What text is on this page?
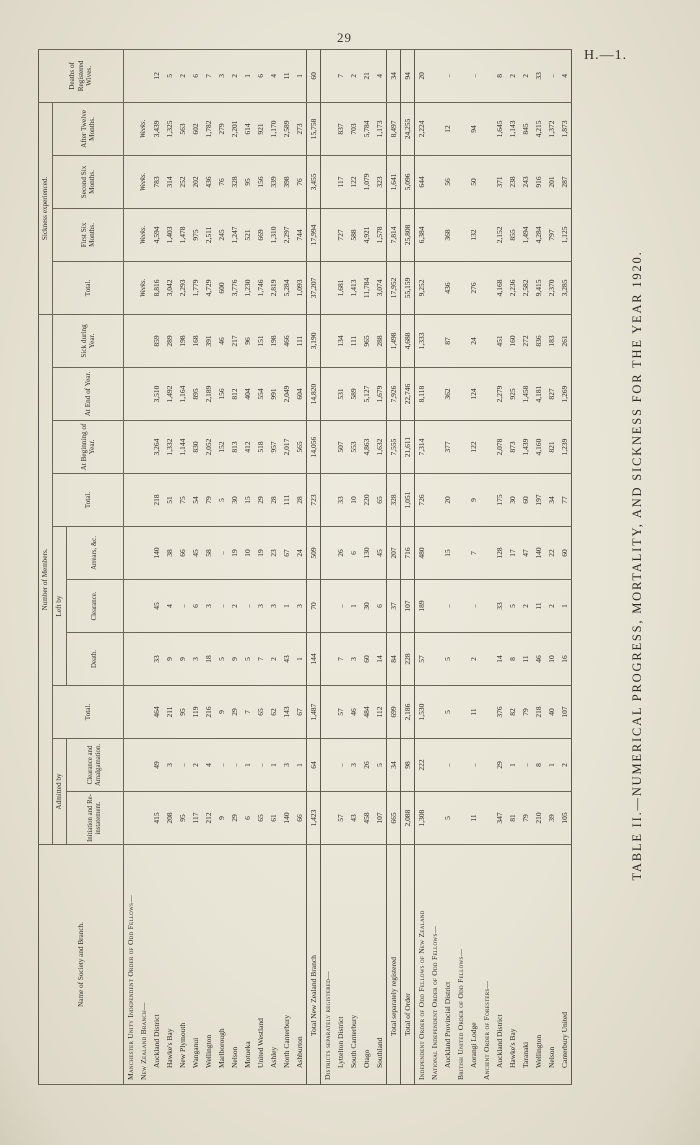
29
H.—1.
TABLE II.—NUMERICAL PROGRESS, MORTALITY, AND SICKNESS FOR THE YEAR 1920.
Name of Society and Branch.	Number of Members.										Sickness experienced.				Deaths of Registered Wives.
	Admitted by		Total.	Left by			Total.	At Beginning of Year.	At End of Year.	Sick during Year.	Total.	First Six Months.	Second Six Months.	After Twelve Months.	
	Initiation and Re-instatement.	Clearance and Amalgamation.		Death.	Clearance.	Arrears, &c.									
Manchester Unity Independent Order of Odd Fellows—															
New Zealand Branch—											Weeks.	Weeks.	Weeks.	Weeks.	
Auckland District	415	49	464	33	45	140	218	3,264	3,510	859	8,816	4,594	783	3,439	12
Hawke's Bay	208	3	211	9	4	38	51	1,332	1,492	289	3,042	1,403	314	1,325	5
New Plymouth	95	..	95	9	..	66	75	1,144	1,164	198	2,293	1,478	252	563	2
Wanganui	117	2	119	3	6	45	54	830	895	168	1,779	975	202	602	6
Wellington	212	4	216	18	3	58	79	2,052	2,189	391	4,729	2,511	436	1,782	7
Marlborough	9	..	9	5	..	..	5	152	156	46	600	245	76	279	3
Nelson	29	..	29	9	2	19	30	813	812	217	3,776	1,247	328	2,201	2
Motueka	6	1	7	5	..	10	15	412	404	96	1,230	521	95	614	1
United Westland	65	..	65	7	3	19	29	518	554	151	1,746	669	156	921	6
Ashley	61	1	62	2	3	23	28	957	991	198	2,819	1,310	339	1,170	4
North Canterbury	140	3	143	43	1	67	111	2,017	2,049	466	5,284	2,297	398	2,589	11
Ashburton	66	1	67	1	3	24	28	565	604	111	1,093	744	76	273	1
Total New Zealand Branch	1,423	64	1,487	144	70	509	723	14,056	14,820	3,190	37,207	17,994	3,455	15,758	60
Districts separately registered—															
Lyttelton District	57	..	57	7	..	26	33	507	531	134	1,681	727	117	837	7
South Canterbury	43	3	46	3	1	6	10	553	589	111	1,413	588	122	703	2
Otago	458	26	484	60	30	130	220	4,863	5,127	965	11,784	4,921	1,079	5,784	21
Southland	107	5	112	14	6	45	65	1,632	1,679	288	3,074	1,578	323	1,173	4
Total separately registered	665	34	699	84	37	207	328	7,555	7,926	1,498	17,952	7,814	1,641	8,497	34
Total of Order	2,088	98	2,186	228	107	716	1,051	21,611	22,746	4,688	55,159	25,808	5,096	24,255	94
Independent Order of Odd Fellows of New Zealand	1,308	222	1,530	57	189	480	726	7,314	8,118	1,333	9,252	6,384	644	2,224	20
National Independent Order of Odd Fellows—															
Auckland Provincial District	5	..	5	5	..	15	20	377	362	87	436	368	56	12	..
British United Order of Odd Fellows—															
Aorangi Lodge	11	..	11	2	..	7	9	122	124	24	276	132	50	94	..
Ancient Order of Foresters—															
Auckland District	347	29	376	14	33	128	175	2,078	2,279	451	4,168	2,152	371	1,645	8
Hawke's Bay	81	1	82	8	5	17	30	873	925	160	2,236	855	238	1,143	2
Taranaki	79	..	79	11	2	47	60	1,439	1,458	272	2,582	1,494	243	845	2
Wellington	210	8	218	46	11	140	197	4,160	4,181	836	9,415	4,284	916	4,215	33
Nelson	39	1	40	10	2	22	34	821	827	183	2,370	797	201	1,372	..
Canterbury United	105	2	107	16	1	60	77	1,239	1,269	261	3,285	1,125	287	1,873	4
